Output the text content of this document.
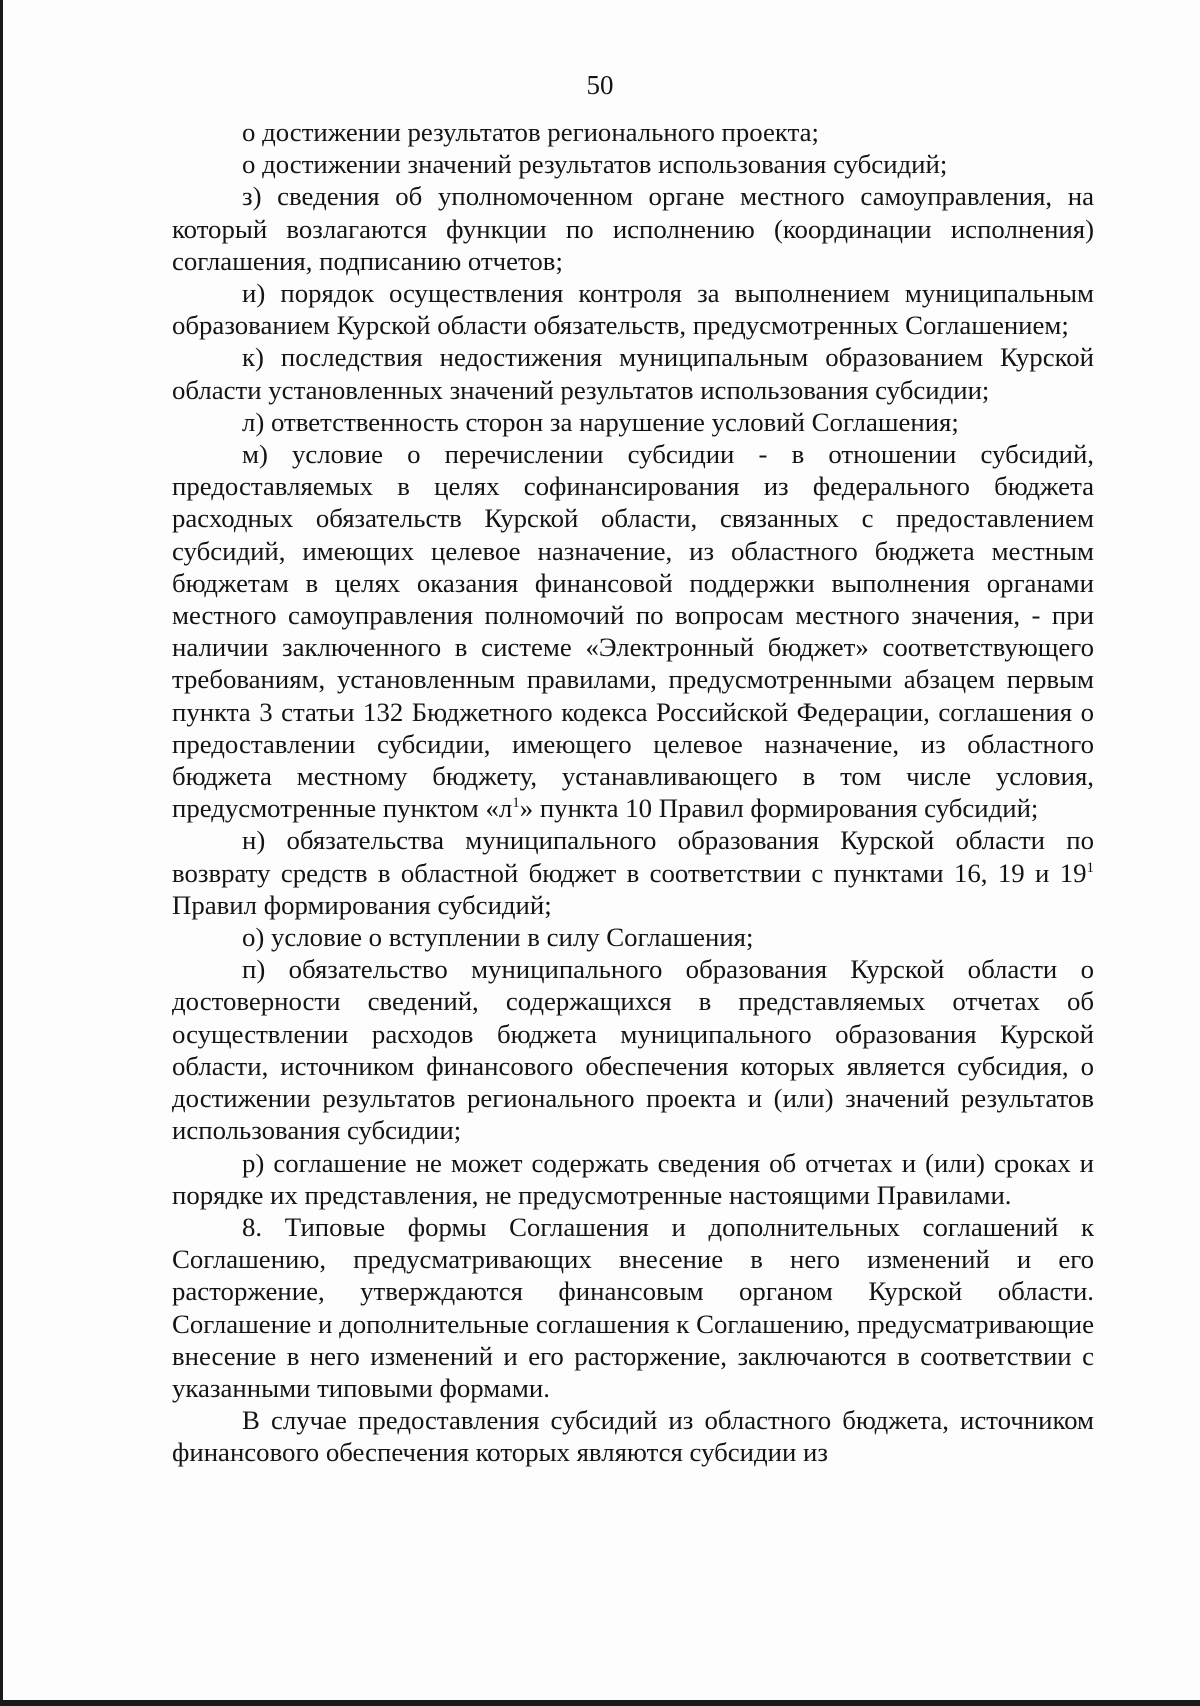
50

о достижении результатов регионального проекта;

о достижении значений результатов использования субсидий;

з) сведения об уполномоченном органе местного самоуправления, на который возлагаются функции по исполнению (координации исполнения) соглашения, подписанию отчетов;

и) порядок осуществления контроля за выполнением муниципальным образованием Курской области обязательств, предусмотренных Соглашением;

к) последствия недостижения муниципальным образованием Курской области установленных значений результатов использования субсидии;

л) ответственность сторон за нарушение условий Соглашения;

м) условие о перечислении субсидии - в отношении субсидий, предоставляемых в целях софинансирования из федерального бюджета расходных обязательств Курской области, связанных с предоставлением субсидий, имеющих целевое назначение, из областного бюджета местным бюджетам в целях оказания финансовой поддержки выполнения органами местного самоуправления полномочий по вопросам местного значения, - при наличии заключенного в системе «Электронный бюджет» соответствующего требованиям, установленным правилами, предусмотренными абзацем первым пункта 3 статьи 132 Бюджетного кодекса Российской Федерации, соглашения о предоставлении субсидии, имеющего целевое назначение, из областного бюджета местному бюджету, устанавливающего в том числе условия, предусмотренные пунктом «$л^1$» пункта 10 Правил формирования субсидий;

н) обязательства муниципального образования Курской области по возврату средств в областной бюджет в соответствии с пунктами 16, 19 и $19^1$ Правил формирования субсидий;

о) условие о вступлении в силу Соглашения;

п) обязательство муниципального образования Курской области о достоверности сведений, содержащихся в представляемых отчетах об осуществлении расходов бюджета муниципального образования Курской области, источником финансового обеспечения которых является субсидия, о достижении результатов регионального проекта и (или) значений результатов использования субсидии;

р) соглашение не может содержать сведения об отчетах и (или) сроках и порядке их представления, не предусмотренные настоящими Правилами.

8. Типовые формы Соглашения и дополнительных соглашений к Соглашению, предусматривающих внесение в него изменений и его расторжение, утверждаются финансовым органом Курской области. Соглашение и дополнительные соглашения к Соглашению, предусматривающие внесение в него изменений и его расторжение, заключаются в соответствии с указанными типовыми формами.

В случае предоставления субсидий из областного бюджета, источником финансового обеспечения которых являются субсидии из
